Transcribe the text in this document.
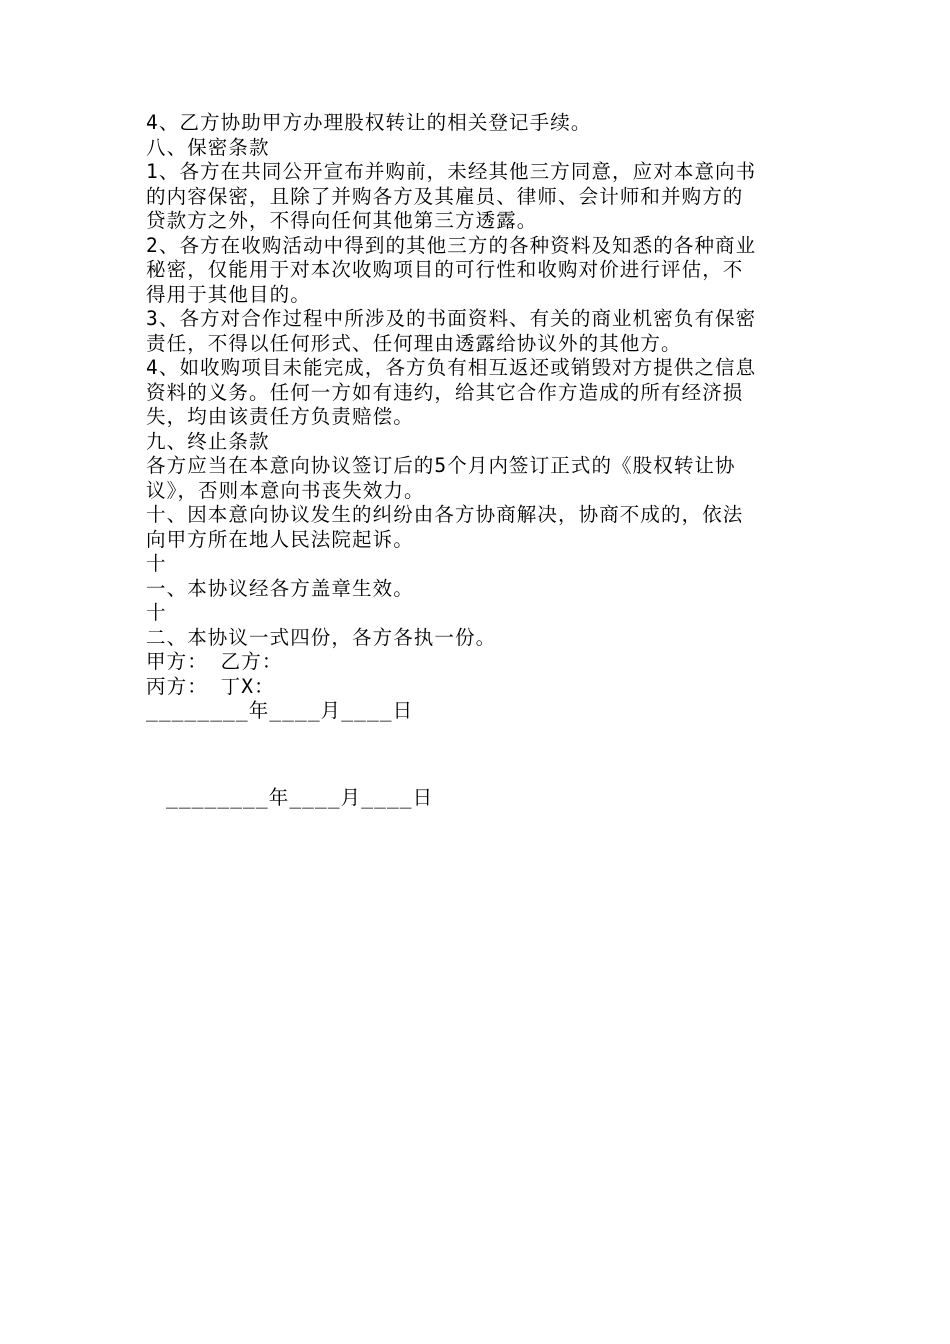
4、乙方协助甲方办理股权转让的相关登记手续。
八、保密条款
1、各方在共同公开宣布并购前，未经其他三方同意，应对本意向书
的内容保密，且除了并购各方及其雇员、律师、会计师和并购方的
贷款方之外，不得向任何其他第三方透露。
2、各方在收购活动中得到的其他三方的各种资料及知悉的各种商业
秘密，仅能用于对本次收购项目的可行性和收购对价进行评估，不
得用于其他目的。
3、各方对合作过程中所涉及的书面资料、有关的商业机密负有保密
责任，不得以任何形式、任何理由透露给协议外的其他方。
4、如收购项目未能完成，各方负有相互返还或销毁对方提供之信息
资料的义务。任何一方如有违约，给其它合作方造成的所有经济损
失，均由该责任方负责赔偿。
九、终止条款
各方应当在本意向协议签订后的5个月内签订正式的《股权转让协
议》，否则本意向书丧失效力。
十、因本意向协议发生的纠纷由各方协商解决，协商不成的，依法
向甲方所在地人民法院起诉。
十
一、本协议经各方盖章生效。
十
二、本协议一式四份，各方各执一份。
甲方： 乙方：
丙方： 丁X：
________年____月____日
________年____月____日
